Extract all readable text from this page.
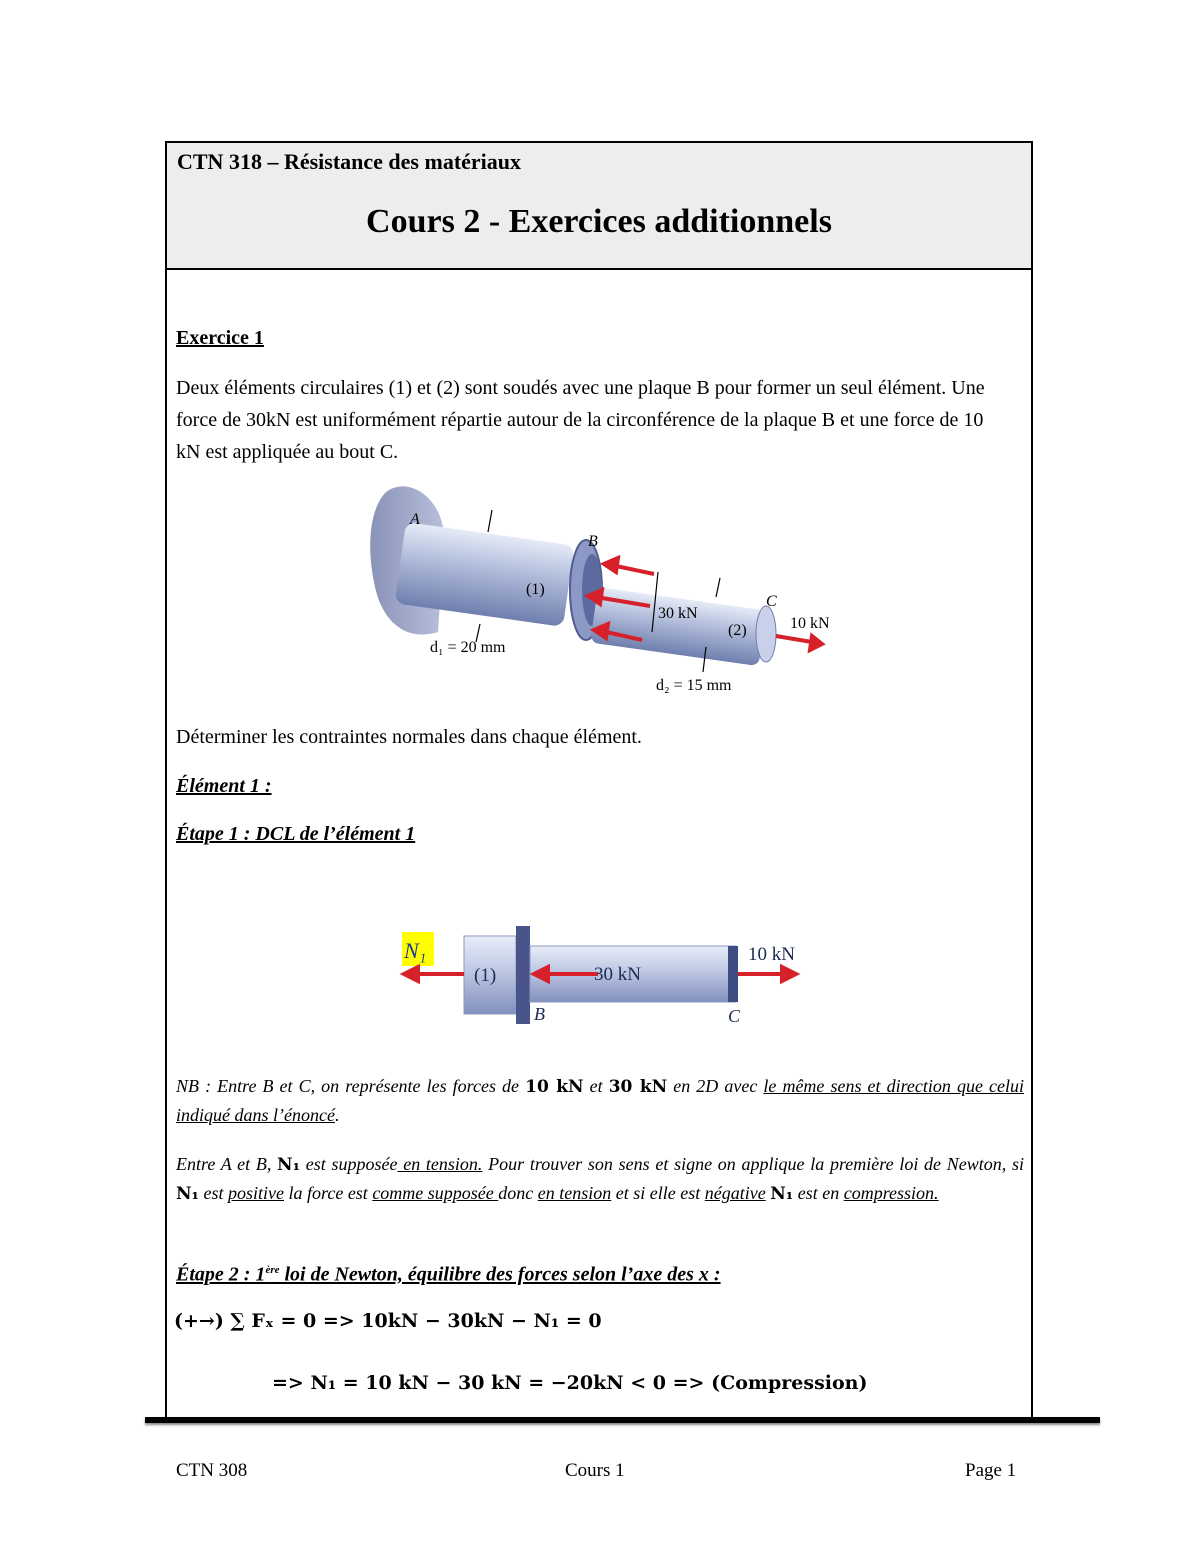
CTN 318 – Résistance des matériaux
Cours 2 - Exercices additionnels
Exercice 1
Deux éléments circulaires (1) et (2) sont soudés avec une plaque B pour former un seul élément. Une force de 30kN est uniformément répartie autour de la circonférence de la plaque B et une force de 10 kN est appliquée au bout C.
A
B
C
(1)
(2)
30 kN
10 kN
d₁ = 20 mm
d₂ = 15 mm
Déterminer les contraintes normales dans chaque élément.
Élément 1 :
Étape 1 : DCL de l’élément 1
N₁
(1)	30 kN
10 kN
B	C
NB : Entre B et C, on représente les forces de 10 kN et 30 kN en 2D avec le même sens et direction que celui indiqué dans l’énoncé.
Entre A et B, N₁ est supposée en tension. Pour trouver son sens et signe on applique la première loi de Newton, si N₁ est positive la force est comme supposée donc en tension et si elle est négative N₁ est en compression.
Étape 2 : 1ère loi de Newton, équilibre des forces selon l’axe des x :
(+→) ∑ Fₓ = 0 => 10kN − 30kN − N₁ = 0
=> N₁ = 10 kN − 30 kN = −20kN < 0 => (Compression)
CTN 308	Cours 1	Page 1
